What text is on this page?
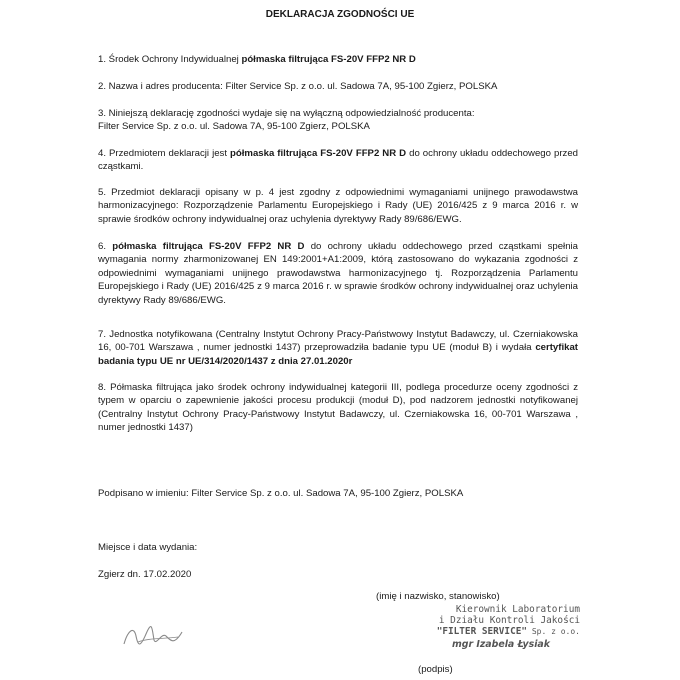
DEKLARACJA ZGODNOŚCI UE

1. Środek Ochrony Indywidualnej półmaska filtrująca FS-20V FFP2 NR D

2. Nazwa i adres producenta: Filter Service Sp. z o.o. ul. Sadowa 7A, 95-100 Zgierz, POLSKA

3. Niniejszą deklarację zgodności wydaje się na wyłączną odpowiedzialność producenta:
Filter Service Sp. z o.o. ul. Sadowa 7A, 95-100 Zgierz, POLSKA

4. Przedmiotem deklaracji jest półmaska filtrująca FS-20V FFP2 NR D do ochrony układu oddechowego przed cząstkami.

5. Przedmiot deklaracji opisany w p. 4 jest zgodny z odpowiednimi wymaganiami unijnego prawodawstwa harmonizacyjnego: Rozporządzenie Parlamentu Europejskiego i Rady (UE) 2016/425 z 9 marca 2016 r. w sprawie środków ochrony indywidualnej oraz uchylenia dyrektywy Rady 89/686/EWG.

6. półmaska filtrująca FS-20V FFP2 NR D do ochrony układu oddechowego przed cząstkami spełnia wymagania normy zharmonizowanej EN 149:2001+A1:2009, którą zastosowano do wykazania zgodności z odpowiednimi wymaganiami unijnego prawodawstwa harmonizacyjnego tj. Rozporządzenia Parlamentu Europejskiego i Rady (UE) 2016/425 z 9 marca 2016 r. w sprawie środków ochrony indywidualnej oraz uchylenia dyrektywy Rady 89/686/EWG.

7. Jednostka notyfikowana (Centralny Instytut Ochrony Pracy-Państwowy Instytut Badawczy, ul. Czerniakowska 16, 00-701 Warszawa , numer jednostki 1437) przeprowadziła badanie typu UE (moduł B) i wydała certyfikat badania typu UE nr UE/314/2020/1437 z dnia 27.01.2020r

8. Półmaska filtrująca jako środek ochrony indywidualnej kategorii III, podlega procedurze oceny zgodności z typem w oparciu o zapewnienie jakości procesu produkcji (moduł D), pod nadzorem jednostki notyfikowanej (Centralny Instytut Ochrony Pracy-Państwowy Instytut Badawczy, ul. Czerniakowska 16, 00-701 Warszawa , numer jednostki 1437)

Podpisano w imieniu: Filter Service Sp. z o.o. ul. Sadowa 7A, 95-100 Zgierz, POLSKA

Miejsce i data wydania:

Zgierz dn. 17.02.2020

(imię i nazwisko, stanowisko)
Kierownik Laboratorium
i Działu Kontroli Jakości
"FILTER SERVICE" Sp. z o.o.
mgr Izabela Łysiak
(podpis)
